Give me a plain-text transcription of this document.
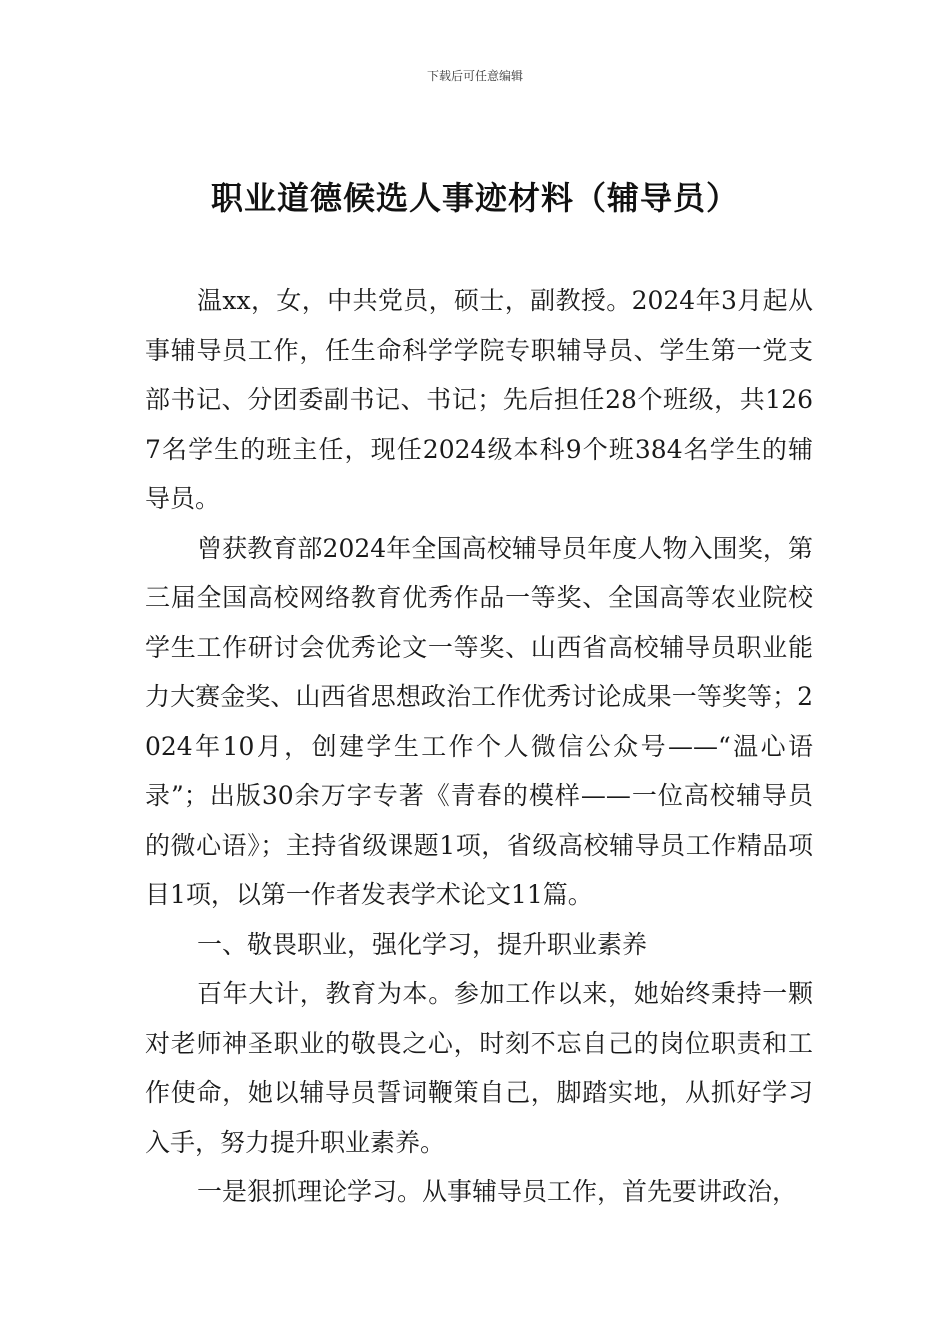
下载后可任意编辑
职业道德候选人事迹材料（辅导员）

温xx，女，中共党员，硕士，副教授。2024年3月起从事辅导员工作，任生命科学学院专职辅导员、学生第一党支部书记、分团委副书记、书记；先后担任28个班级，共1267名学生的班主任，现任2024级本科9个班384名学生的辅导员。

曾获教育部2024年全国高校辅导员年度人物入围奖，第三届全国高校网络教育优秀作品一等奖、全国高等农业院校学生工作研讨会优秀论文一等奖、山西省高校辅导员职业能力大赛金奖、山西省思想政治工作优秀讨论成果一等奖等；2024年10月，创建学生工作个人微信公众号——“温心语录”；出版30余万字专著《青春的模样——一位高校辅导员的微心语》；主持省级课题1项，省级高校辅导员工作精品项目1项，以第一作者发表学术论文11篇。

一、敬畏职业，强化学习，提升职业素养

百年大计，教育为本。参加工作以来，她始终秉持一颗对老师神圣职业的敬畏之心，时刻不忘自己的岗位职责和工作使命，她以辅导员誓词鞭策自己，脚踏实地，从抓好学习入手，努力提升职业素养。

一是狠抓理论学习。从事辅导员工作，首先要讲政治，
